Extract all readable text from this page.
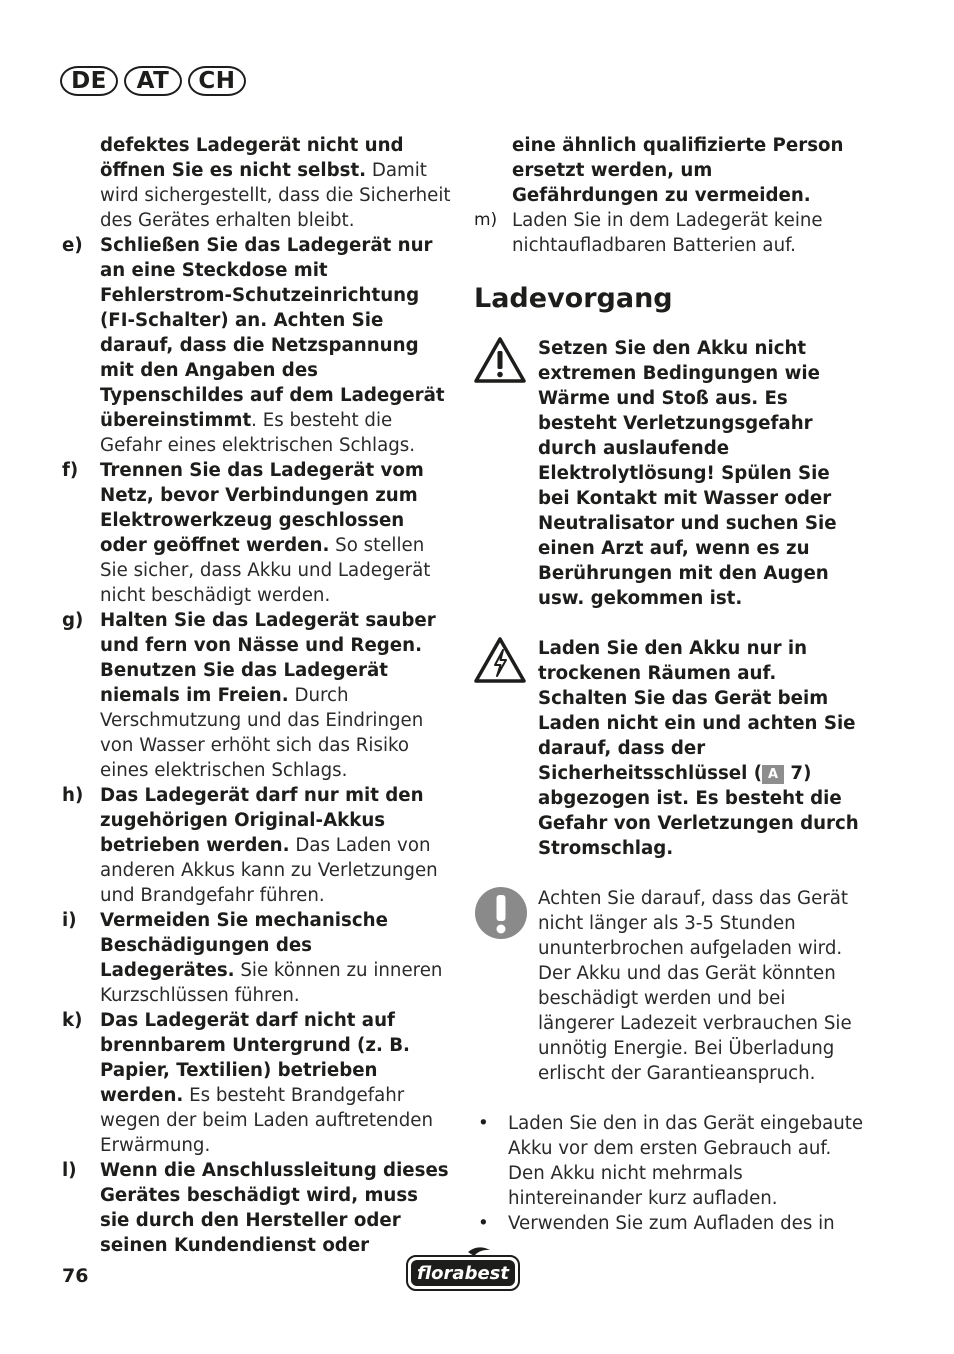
DE	AT	CH
defektes Ladegerät nicht und öffnen Sie es nicht selbst. Damit wird sichergestellt, dass die Sicherheit des Gerätes erhalten bleibt.
e) Schließen Sie das Ladegerät nur an eine Steckdose mit Fehlerstrom-Schutzeinrichtung (FI-Schalter) an. Achten Sie darauf, dass die Netzspannung mit den Angaben des Typenschildes auf dem Ladegerät übereinstimmt. Es besteht die Gefahr eines elektrischen Schlags.
f) Trennen Sie das Ladegerät vom Netz, bevor Verbindungen zum Elektrowerkzeug geschlossen oder geöffnet werden. So stellen Sie sicher, dass Akku und Ladegerät nicht beschädigt werden.
g) Halten Sie das Ladegerät sauber und fern von Nässe und Regen. Benutzen Sie das Ladegerät niemals im Freien. Durch Verschmutzung und das Eindringen von Wasser erhöht sich das Risiko eines elektrischen Schlags.
h) Das Ladegerät darf nur mit den zugehörigen Original-Akkus betrieben werden. Das Laden von anderen Akkus kann zu Verletzungen und Brandgefahr führen.
i) Vermeiden Sie mechanische Beschädigungen des Ladegerätes. Sie können zu inneren Kurzschlüssen führen.
k) Das Ladegerät darf nicht auf brennbarem Untergrund (z. B. Papier, Textilien) betrieben werden. Es besteht Brandgefahr wegen der beim Laden auftretenden Erwärmung.
l) Wenn die Anschlussleitung dieses Gerätes beschädigt wird, muss sie durch den Hersteller oder seinen Kundendienst oder
eine ähnlich qualifizierte Person ersetzt werden, um Gefährdungen zu vermeiden.
m) Laden Sie in dem Ladegerät keine nichtaufladbaren Batterien auf.
Ladevorgang
Setzen Sie den Akku nicht extremen Bedingungen wie Wärme und Stoß aus. Es besteht Verletzungsgefahr durch auslaufende Elektrolytlösung! Spülen Sie bei Kontakt mit Wasser oder Neutralisator und suchen Sie einen Arzt auf, wenn es zu Berührungen mit den Augen usw. gekommen ist.
Laden Sie den Akku nur in trockenen Räumen auf. Schalten Sie das Gerät beim Laden nicht ein und achten Sie darauf, dass der Sicherheitsschlüssel ( A 7) abgezogen ist. Es besteht die Gefahr von Verletzungen durch Stromschlag.
Achten Sie darauf, dass das Gerät nicht länger als 3-5 Stunden ununterbrochen aufgeladen wird. Der Akku und das Gerät könnten beschädigt werden und bei längerer Ladezeit verbrauchen Sie unnötig Energie. Bei Überladung erlischt der Garantieanspruch.
• Laden Sie den in das Gerät eingebaute Akku vor dem ersten Gebrauch auf. Den Akku nicht mehrmals hintereinander kurz aufladen.
• Verwenden Sie zum Aufladen des in
76	florabest
